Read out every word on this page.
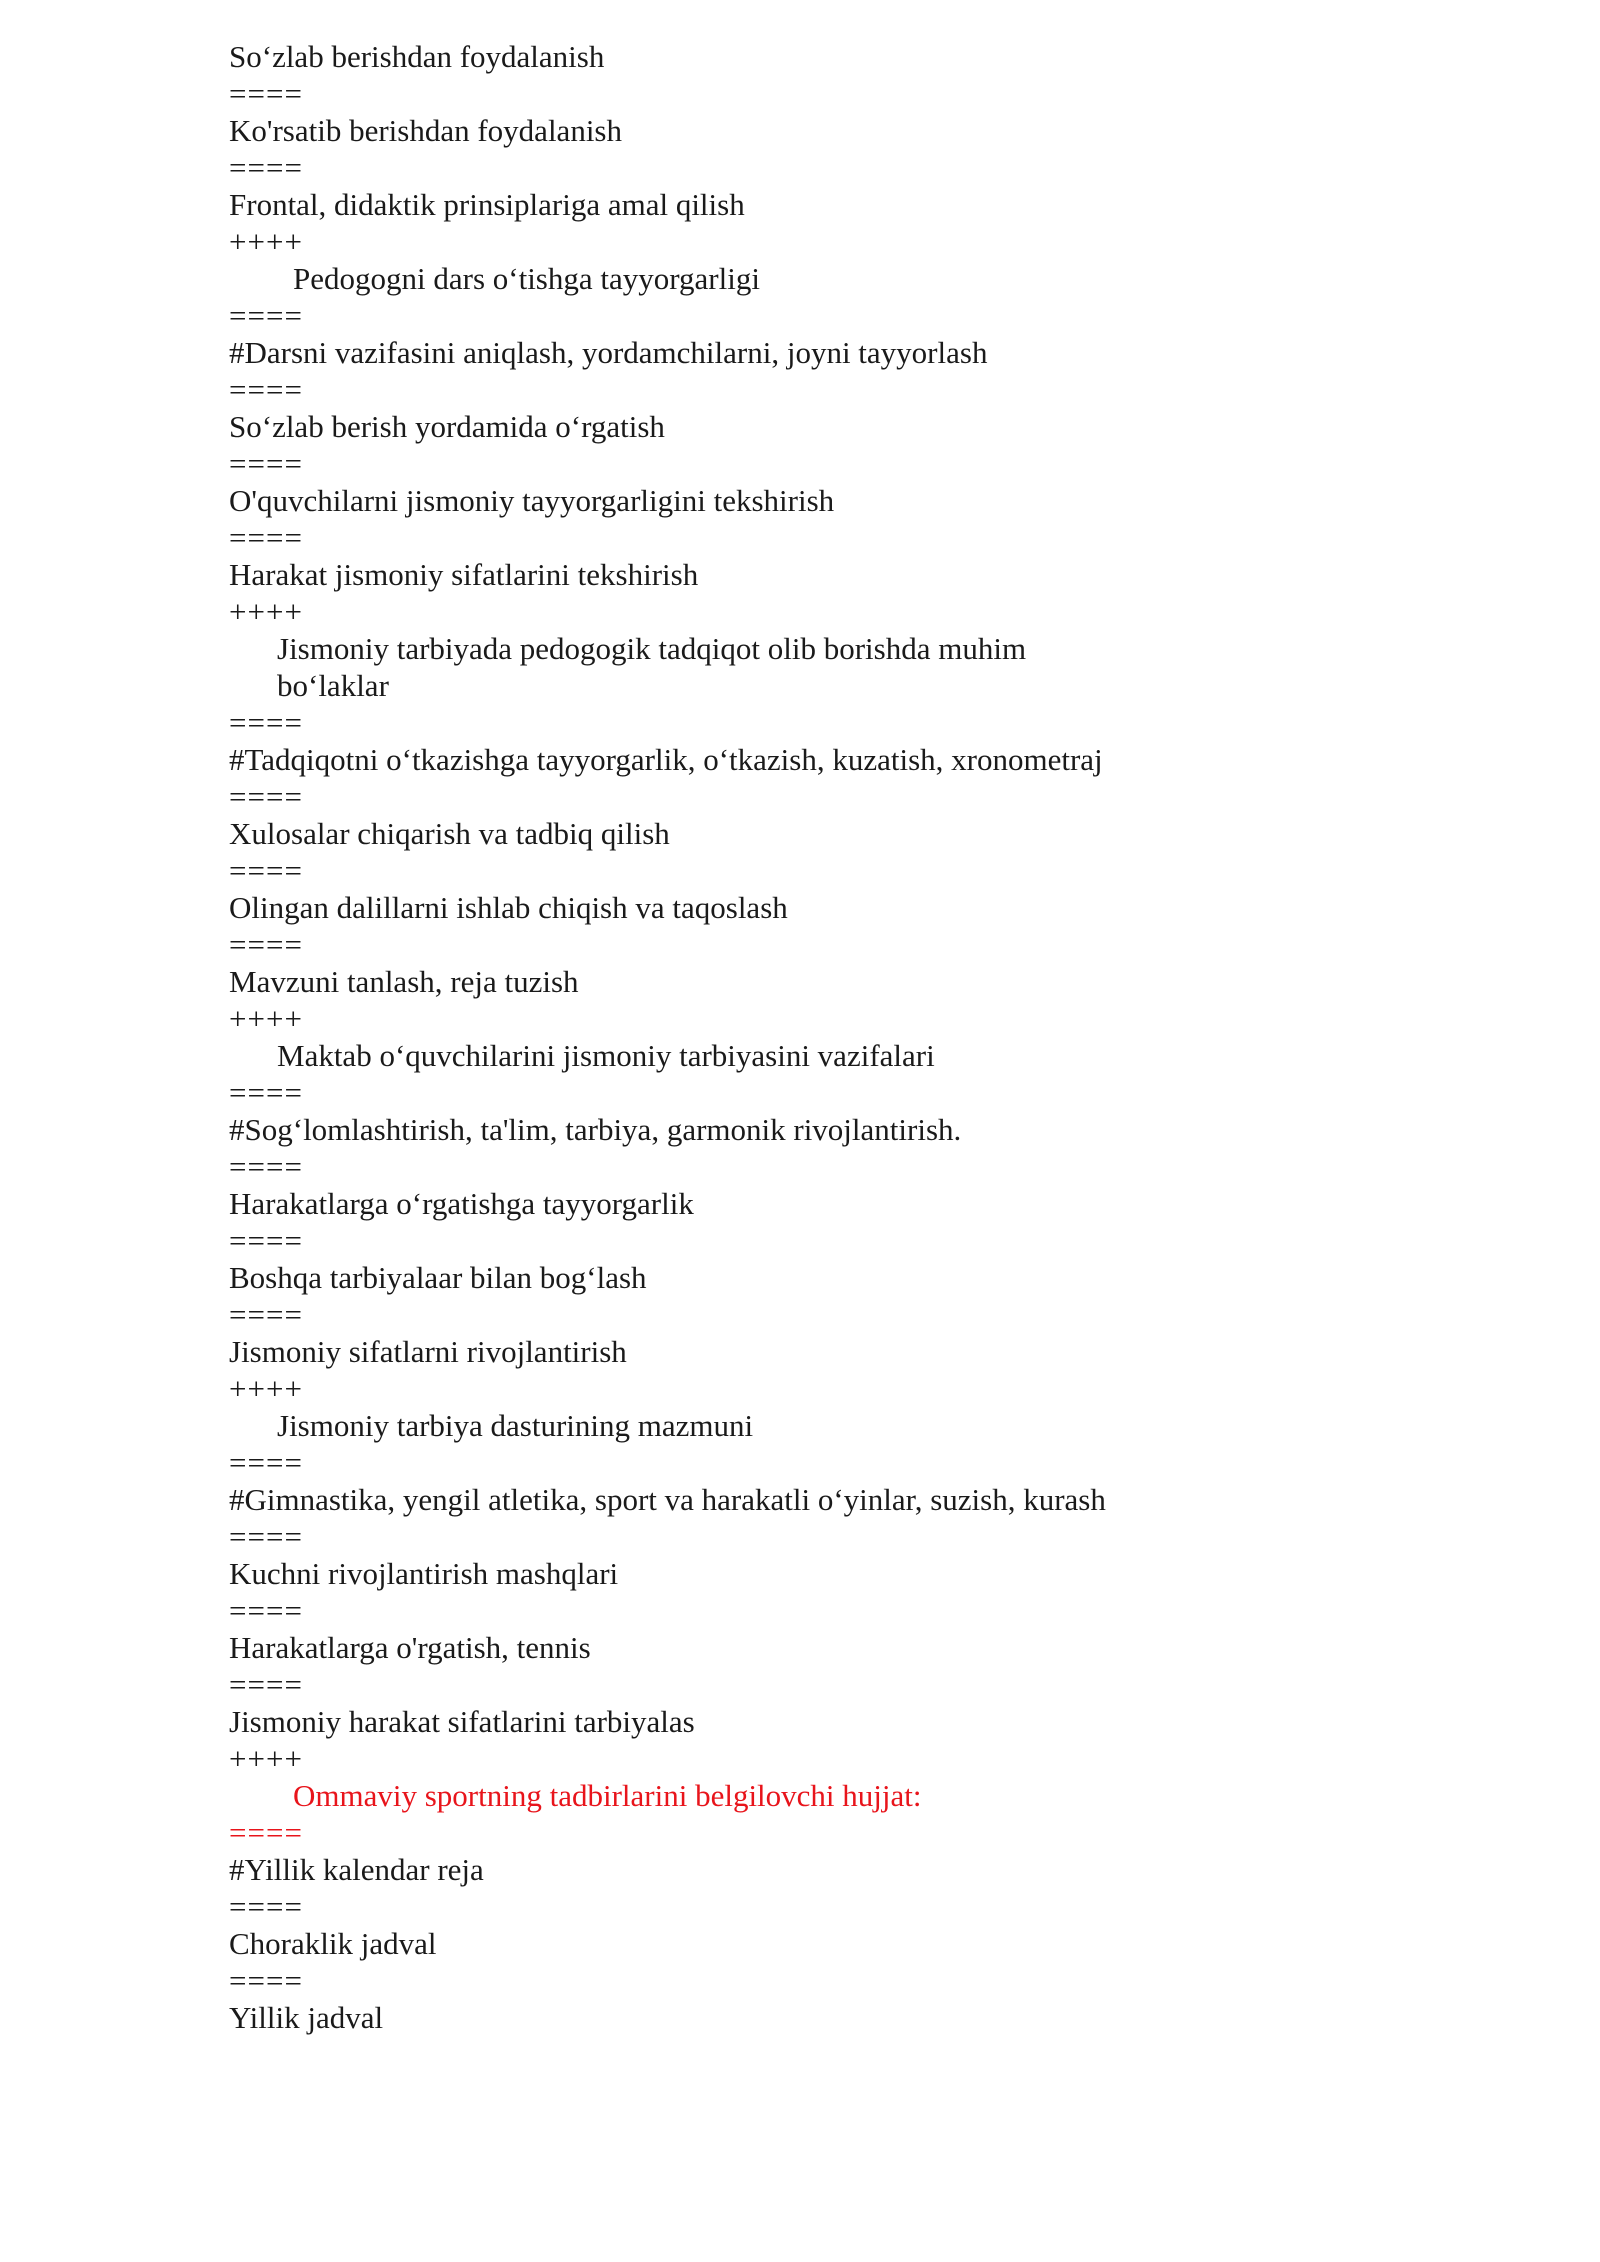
So‘zlab berishdan foydalanish
====
Ko'rsatib berishdan foydalanish
====
Frontal, didaktik prinsiplariga amal qilish
++++
Pedogogni dars o‘tishga tayyorgarligi
====
#Darsni vazifasini aniqlash, yordamchilarni, joyni tayyorlash
====
So‘zlab berish yordamida o‘rgatish
====
O'quvchilarni jismoniy tayyorgarligini tekshirish
====
Harakat jismoniy sifatlarini tekshirish
++++
Jismoniy tarbiyada pedogogik tadqiqot olib borishda muhim bo‘laklar
====
#Tadqiqotni o‘tkazishga tayyorgarlik, o‘tkazish, kuzatish, xronometraj
====
Xulosalar chiqarish va tadbiq qilish
====
Olingan dalillarni ishlab chiqish va taqoslash
====
Mavzuni tanlash, reja tuzish
++++
Maktab o‘quvchilarini jismoniy tarbiyasini vazifalari
====
#Sog‘lomlashtirish, ta'lim, tarbiya, garmonik rivojlantirish.
====
Harakatlarga o‘rgatishga tayyorgarlik
====
Boshqa tarbiyalaar bilan bog‘lash
====
Jismoniy sifatlarni rivojlantirish
++++
Jismoniy tarbiya dasturining mazmuni
====
#Gimnastika, yengil atletika, sport va harakatli o‘yinlar, suzish, kurash
====
Kuchni rivojlantirish mashqlari
====
Harakatlarga o'rgatish, tennis
====
Jismoniy harakat sifatlarini tarbiyalas
++++
Ommaviy sportning tadbirlarini belgilovchi hujjat:
====
#Yillik kalendar reja
====
Choraklik jadval
====
Yillik jadval
